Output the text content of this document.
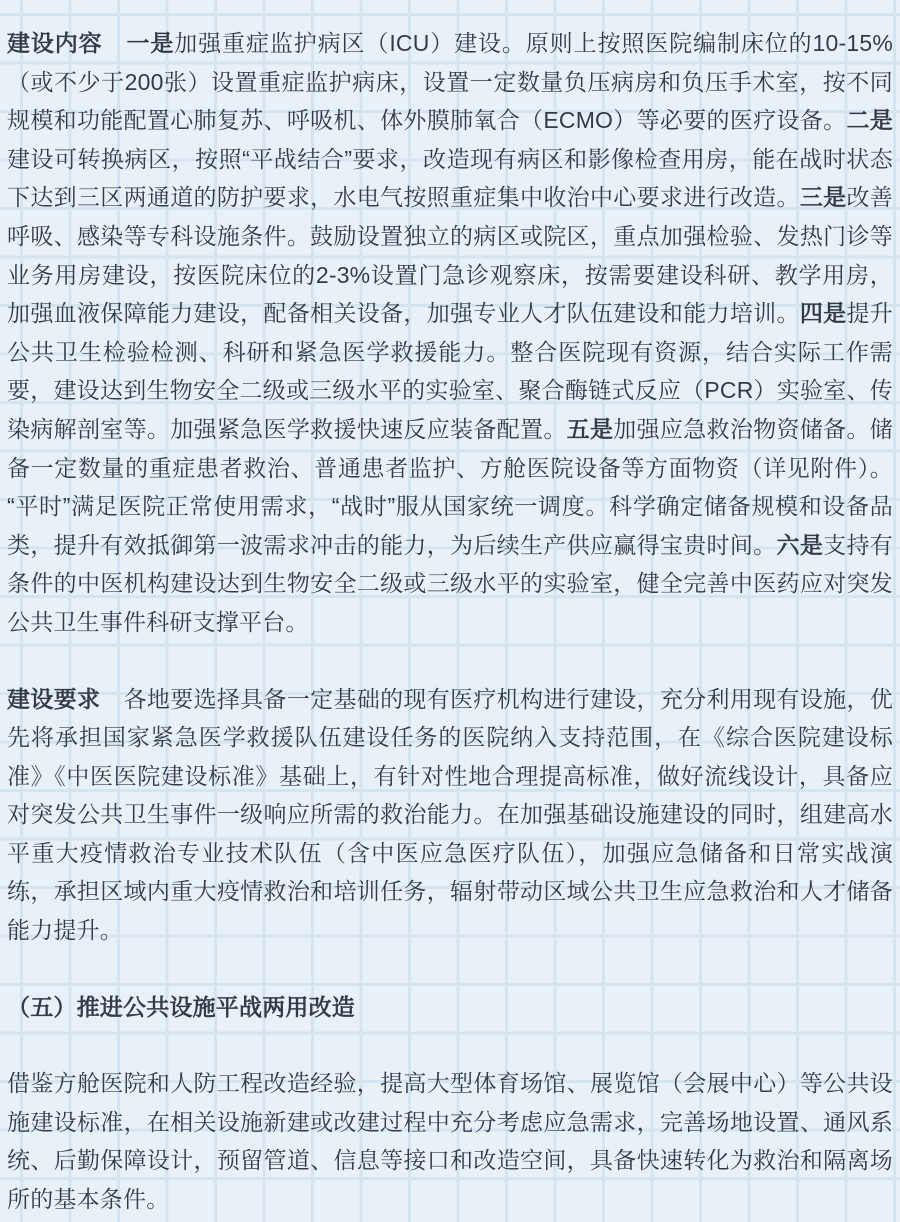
建设内容　一是加强重症监护病区（ICU）建设。原则上按照医院编制床位的10-15%（或不少于200张）设置重症监护病床，设置一定数量负压病房和负压手术室，按不同规模和功能配置心肺复苏、呼吸机、体外膜肺氧合（ECMO）等必要的医疗设备。二是建设可转换病区，按照“平战结合”要求，改造现有病区和影像检查用房，能在战时状态下达到三区两通道的防护要求，水电气按照重症集中收治中心要求进行改造。三是改善呼吸、感染等专科设施条件。鼓励设置独立的病区或院区，重点加强检验、发热门诊等业务用房建设，按医院床位的2-3%设置门急诊观察床，按需要建设科研、教学用房，加强血液保障能力建设，配备相关设备，加强专业人才队伍建设和能力培训。四是提升公共卫生检验检测、科研和紧急医学救援能力。整合医院现有资源，结合实际工作需要，建设达到生物安全二级或三级水平的实验室、聚合酶链式反应（PCR）实验室、传染病解剖室等。加强紧急医学救援快速反应装备配置。五是加强应急救治物资储备。储备一定数量的重症患者救治、普通患者监护、方舱医院设备等方面物资（详见附件）。“平时”满足医院正常使用需求，“战时”服从国家统一调度。科学确定储备规模和设备品类，提升有效抵御第一波需求冲击的能力，为后续生产供应赢得宝贵时间。六是支持有条件的中医机构建设达到生物安全二级或三级水平的实验室，健全完善中医药应对突发公共卫生事件科研支撑平台。

建设要求　各地要选择具备一定基础的现有医疗机构进行建设，充分利用现有设施，优先将承担国家紧急医学救援队伍建设任务的医院纳入支持范围，在《综合医院建设标准》《中医医院建设标准》基础上，有针对性地合理提高标准，做好流线设计，具备应对突发公共卫生事件一级响应所需的救治能力。在加强基础设施建设的同时，组建高水平重大疫情救治专业技术队伍（含中医应急医疗队伍），加强应急储备和日常实战演练，承担区域内重大疫情救治和培训任务，辐射带动区域公共卫生应急救治和人才储备能力提升。

（五）推进公共设施平战两用改造

借鉴方舱医院和人防工程改造经验，提高大型体育场馆、展览馆（会展中心）等公共设施建设标准，在相关设施新建或改建过程中充分考虑应急需求，完善场地设置、通风系统、后勤保障设计，预留管道、信息等接口和改造空间，具备快速转化为救治和隔离场所的基本条件。
